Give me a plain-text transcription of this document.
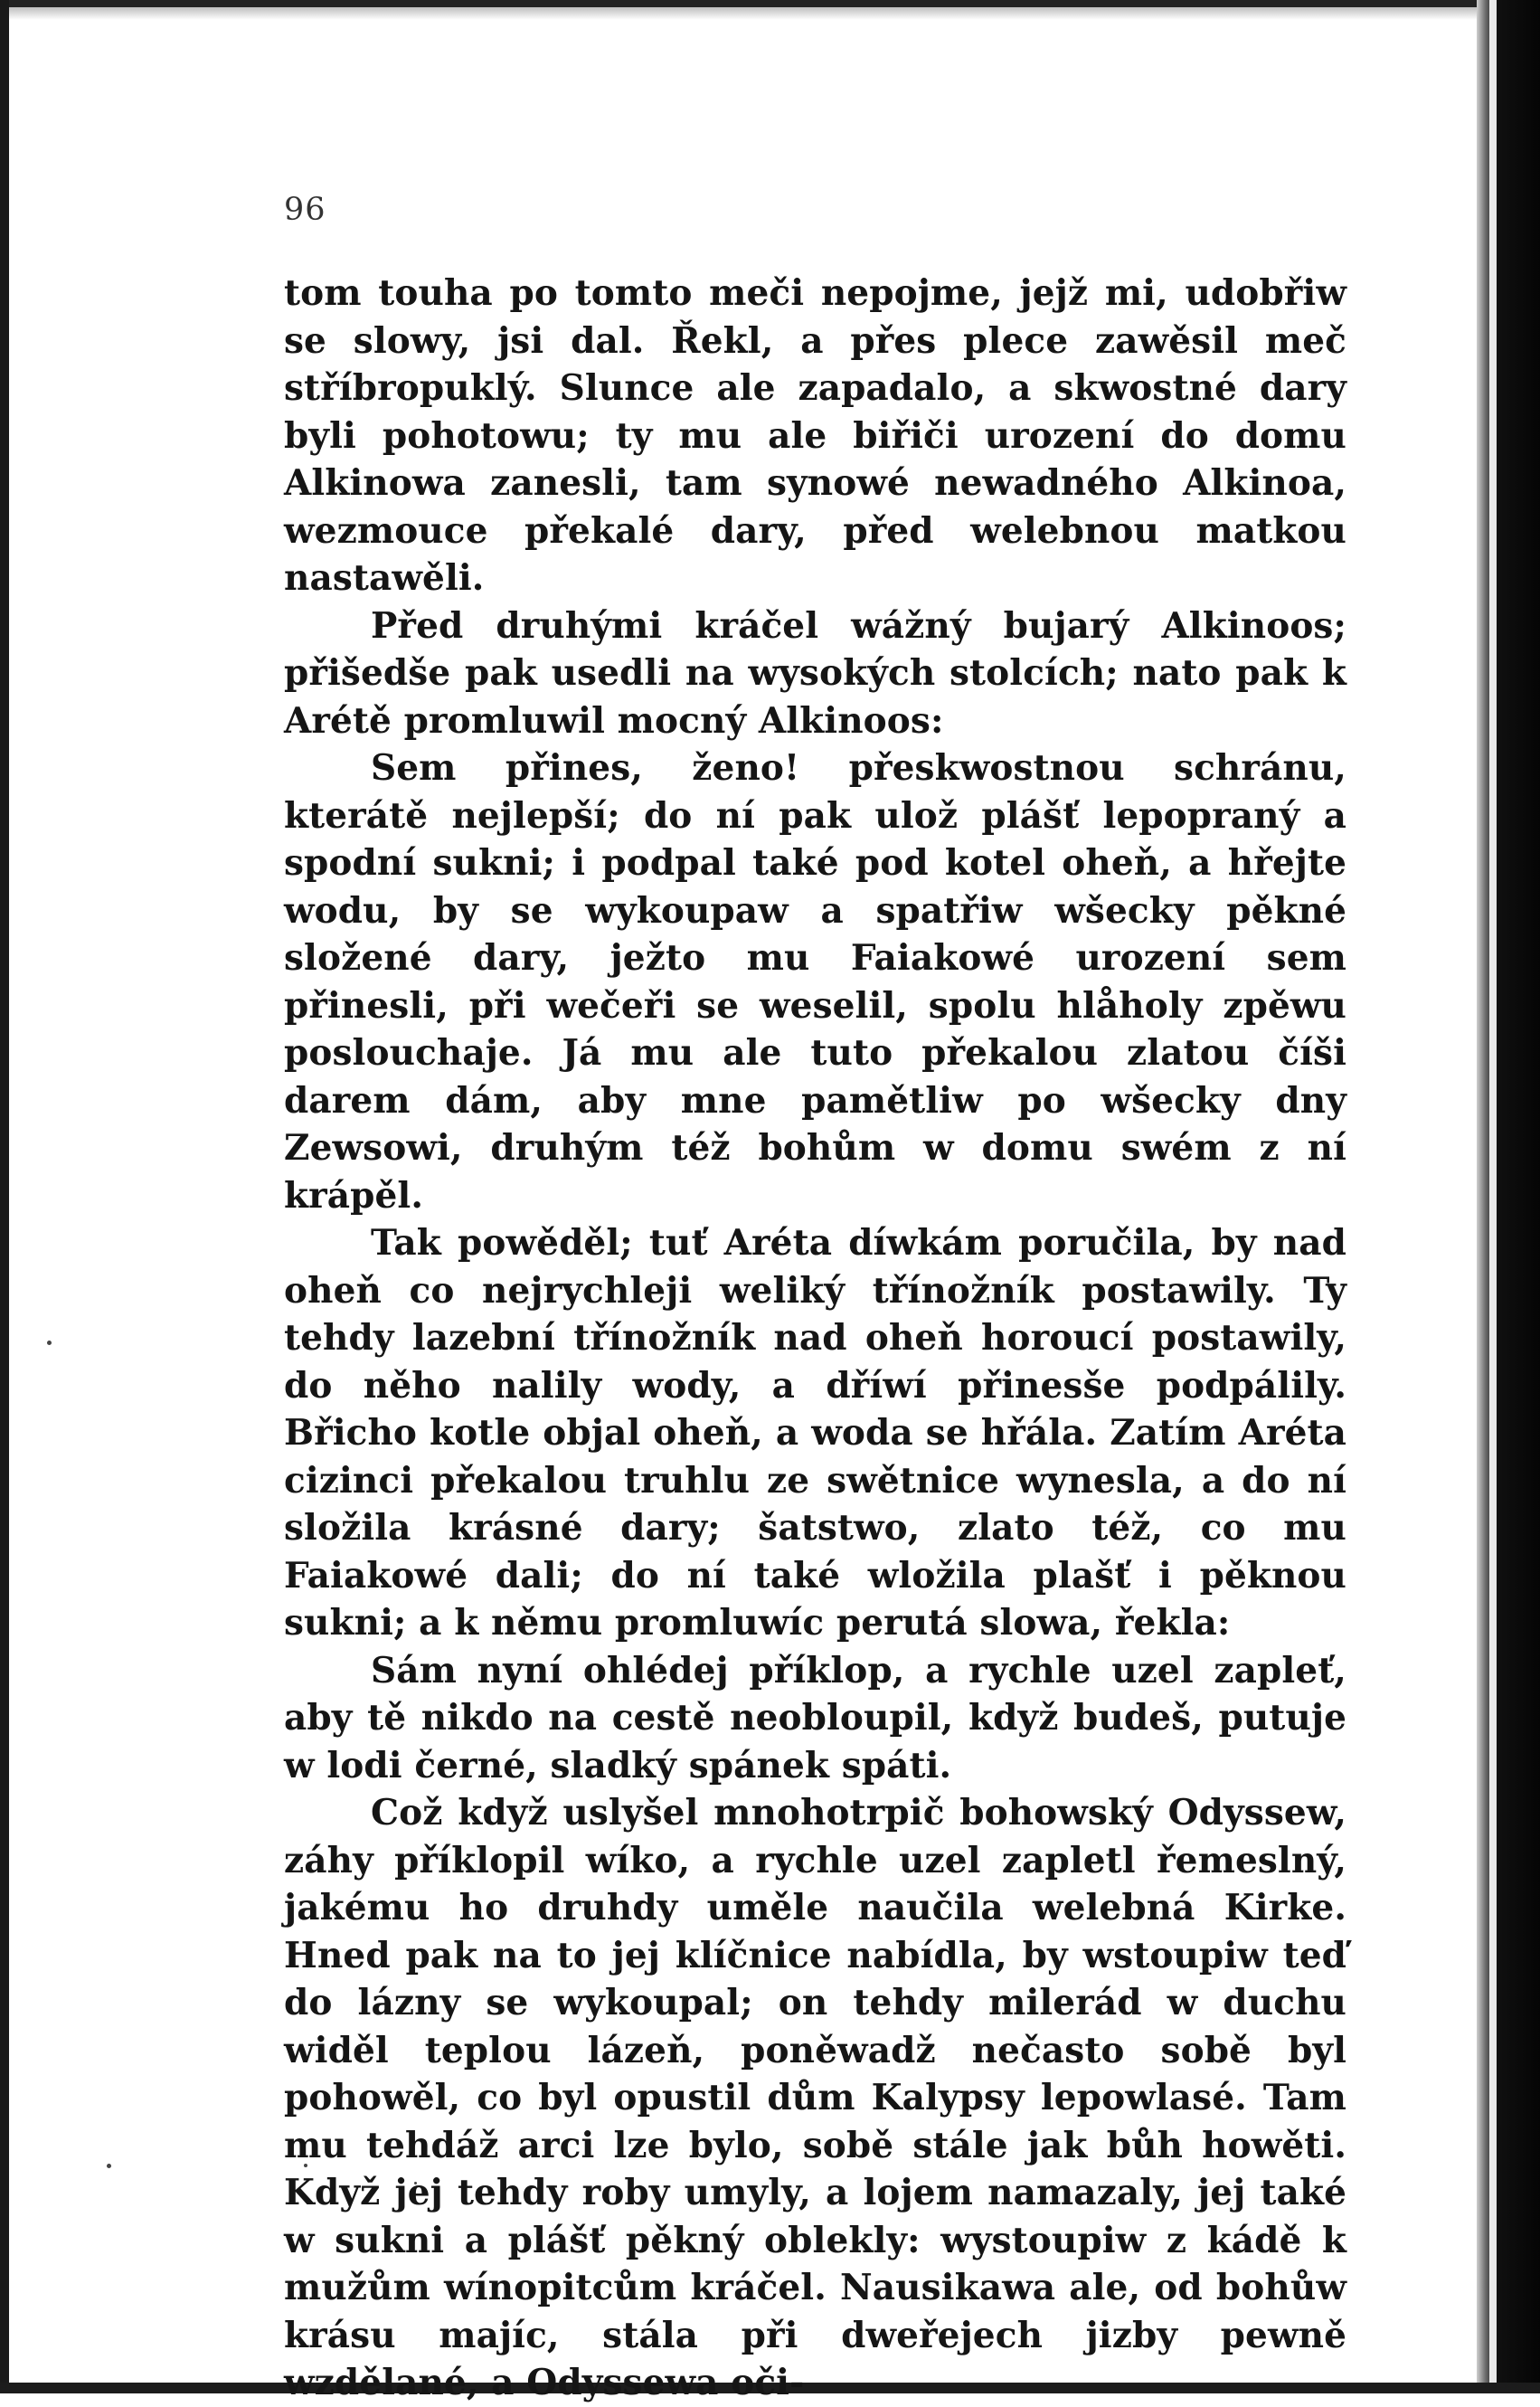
96

tom touha po tomto meči nepojme, jejž mi, udobřiw se slowy, jsi dal. Řekl, a přes plece zawěsil meč stříbropuklý. Slunce ale zapadalo, a skwostné dary byli pohotowu; ty mu ale biřiči urození do domu Alkinowa zanesli, tam synowé newadného Alkinoa, wezmouce překalé dary, před welebnou matkou nastawěli.

Před druhými kráčel wážný bujarý Alkinoos; přišedše pak usedli na wysokých stolcích; nato pak k Arétě promluwil mocný Alkinoos:

Sem přines, ženo! přeskwostnou schránu, kterátě nejlepší; do ní pak ulož plášť lepopraný a spodní sukni; i podpal také pod kotel oheň, a hřejte wodu, by se wykoupaw a spatřiw wšecky pěkné složené dary, ježto mu Faiakowé urození sem přinesli, při wečeři se weselil, spolu hlåholy zpěwu poslouchaje. Já mu ale tuto překalou zlatou číši darem dám, aby mne pamětliw po wšecky dny Zewsowi, druhým též bohům w domu swém z ní krápěl.

Tak powěděl; tuť Aréta díwkám poručila, by nad oheň co nejrychleji weliký třínožník postawily. Ty tehdy lazební třínožník nad oheň horoucí postawily, do něho nalily wody, a dříwí přinesše podpálily. Břicho kotle objal oheň, a woda se hřála. Zatím Aréta cizinci překalou truhlu ze swětnice wynesla, a do ní složila krásné dary; šatstwo, zlato též, co mu Faiakowé dali; do ní také wložila plašť i pěknou sukni; a k němu promluwíc perutá slowa, řekla:

Sám nyní ohlédej příklop, a rychle uzel zapleť, aby tě nikdo na cestě neobloupil, když budeš, putuje w lodi černé, sladký spánek spáti.

Což když uslyšel mnohotrpič bohowský Odyssew, záhy příklopil wíko, a rychle uzel zapletl řemeslný, jakému ho druhdy uměle naučila welebná Kirke. Hned pak na to jej klíčnice nabídla, by wstoupiw teď do lázny se wykoupal; on tehdy milerád w duchu widěl teplou lázeň, poněwadž nečasto sobě byl pohowěl, co byl opustil dům Kalypsy lepowlasé. Tam mu tehdáž arci lze bylo, sobě stále jak bůh howěti. Když jej tehdy roby umyly, a lojem namazaly, jej také w sukni a plášť pěkný oblekly: wystoupiw z kádě k mužům wínopitcům kráčel. Nausikawa ale, od bohůw krásu majíc, stála při dweřejech jizby pewně wzdělané, a Odyssewa oči-
